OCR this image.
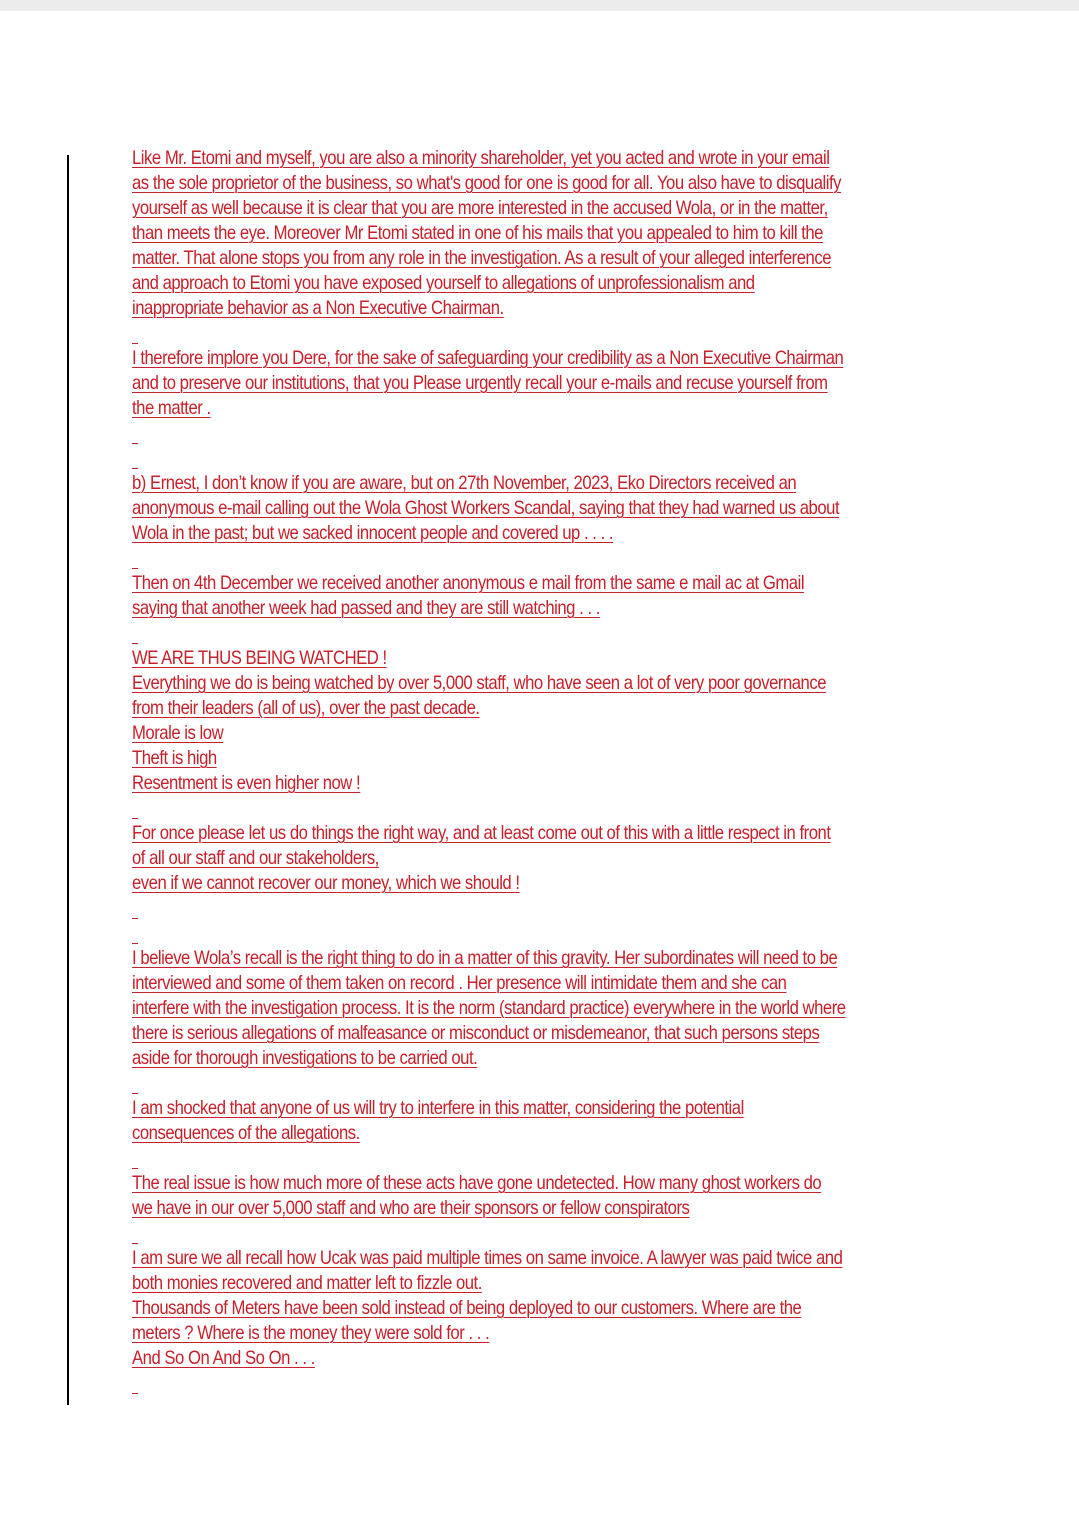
Like Mr. Etomi and myself, you are also a minority shareholder, yet you acted and wrote in your email
as the sole proprietor of the business, so what's good for one is good for all. You also have to disqualify
yourself as well because it is clear that you are more interested in the accused Wola, or in the matter,
than meets the eye. Moreover Mr Etomi stated in one of his mails that you appealed to him to kill the
matter. That alone stops you from any role in the investigation. As a result of your alleged interference
and approach to Etomi you have exposed yourself to allegations of unprofessionalism and
inappropriate behavior as a Non Executive Chairman.
I therefore implore you Dere, for the sake of safeguarding your credibility as a Non Executive Chairman
and to preserve our institutions, that you Please urgently recall your e-mails and recuse yourself from
the matter .
b) Ernest, I don’t know if you are aware, but on 27th November, 2023, Eko Directors received an
anonymous e-mail calling out the Wola Ghost Workers Scandal, saying that they had warned us about
Wola in the past; but we sacked innocent people and covered up . . . .
Then on 4th December we received another anonymous e mail from the same e mail ac at Gmail
saying that another week had passed and they are still watching . . .
WE ARE THUS BEING WATCHED !
Everything we do is being watched by over 5,000 staff, who have seen a lot of very poor governance
from their leaders (all of us), over the past decade.
Morale is low
Theft is high
Resentment is even higher now !
For once please let us do things the right way, and at least come out of this with a little respect in front
of all our staff and our stakeholders,
even if we cannot recover our money, which we should !
I believe Wola’s recall is the right thing to do in a matter of this gravity. Her subordinates will need to be
interviewed and some of them taken on record . Her presence will intimidate them and she can
interfere with the investigation process. It is the norm (standard practice) everywhere in the world where
there is serious allegations of malfeasance or misconduct or misdemeanor, that such persons steps
aside for thorough investigations to be carried out.
I am shocked that anyone of us will try to interfere in this matter, considering the potential
consequences of the allegations.
The real issue is how much more of these acts have gone undetected. How many ghost workers do
we have in our over 5,000 staff and who are their sponsors or fellow conspirators
I am sure we all recall how Ucak was paid multiple times on same invoice. A lawyer was paid twice and
both monies recovered and matter left to fizzle out.
Thousands of Meters have been sold instead of being deployed to our customers. Where are the
meters ? Where is the money they were sold for . . .
And So On And So On . . .
